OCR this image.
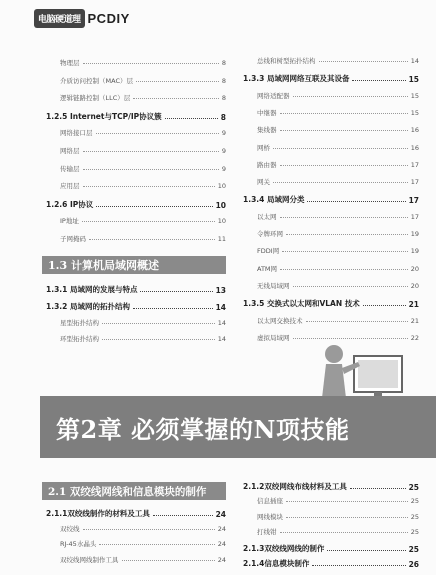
电脑硬道理 PCDIY
物理层	8
介质访问控制（MAC）层	8
逻辑链路控制（LLC）层	8
1.2.5 Internet与TCP/IP协议簇	8
网络接口层	9
网络层	9
传输层	9
应用层	10
1.2.6 IP协议	10
IP地址	10
子网掩码	11
1.3 计算机局域网概述
1.3.1 局域网的发展与特点	13
1.3.2 局域网的拓扑结构	14
星型拓扑结构	14
环型拓扑结构	14
总线和树型拓扑结构	14
1.3.3 局域网网络互联及其设备	15
网络适配器	15
中继器	15
集线器	16
网桥	16
路由器	17
网关	17
1.3.4 局域网分类	17
以太网	17
令牌环网	19
FDDI网	19
ATM网	20
无线局域网	20
1.3.5 交换式以太网和VLAN 技术	21
以太网交换技术	21
虚拟局域网	22
第2章 必须掌握的N项技能
2.1 双绞线网线和信息模块的制作
2.1.1双绞线制作的材料及工具	24
双绞线	24
RJ-45水晶头	24
双绞线网线制作工具	24
2.1.2双绞网线布线材料及工具	25
信息插座	25
网线模块	25
打线钳	25
2.1.3双绞线网线的制作	25
2.1.4信息模块制作	26
